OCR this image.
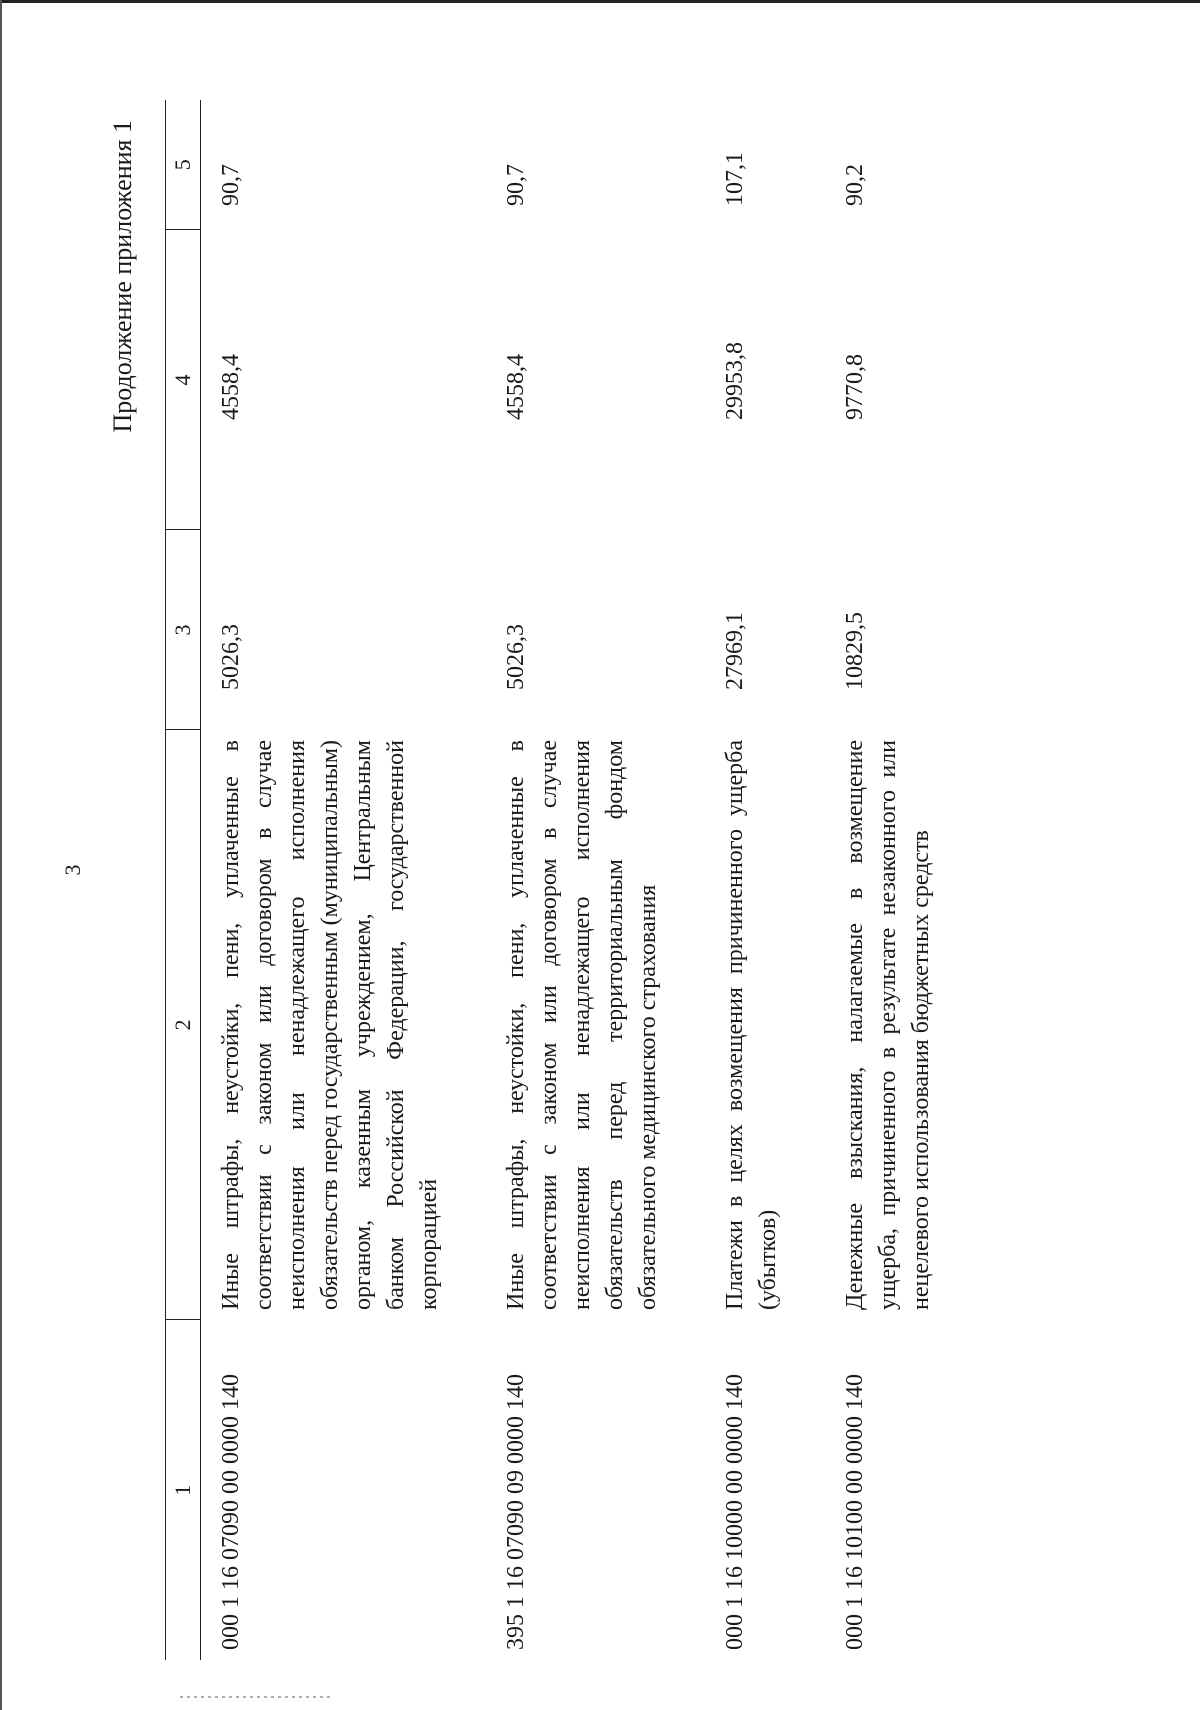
3
Продолжение приложения 1
1	2	3	4	5
000 1 16 07090 00 0000 140	Иные штрафы, неустойки, пени, уплаченные в соответствии с законом или договором в случае неисполнения или ненадлежащего исполнения обязательств перед государственным (муниципальным) органом, казенным учреждением, Центральным банком Российской Федерации, государственной корпорацией	5026,3	4558,4	90,7
395 1 16 07090 09 0000 140	Иные штрафы, неустойки, пени, уплаченные в соответствии с законом или договором в случае неисполнения или ненадлежащего исполнения обязательств перед территориальным фондом обязательного медицинского страхования	5026,3	4558,4	90,7
000 1 16 10000 00 0000 140	Платежи в целях возмещения причиненного ущерба (убытков)	27969,1	29953,8	107,1
000 1 16 10100 00 0000 140	Денежные взыскания, налагаемые в возмещение ущерба, причиненного в результате незаконного или нецелевого использования бюджетных средств	10829,5	9770,8	90,2
